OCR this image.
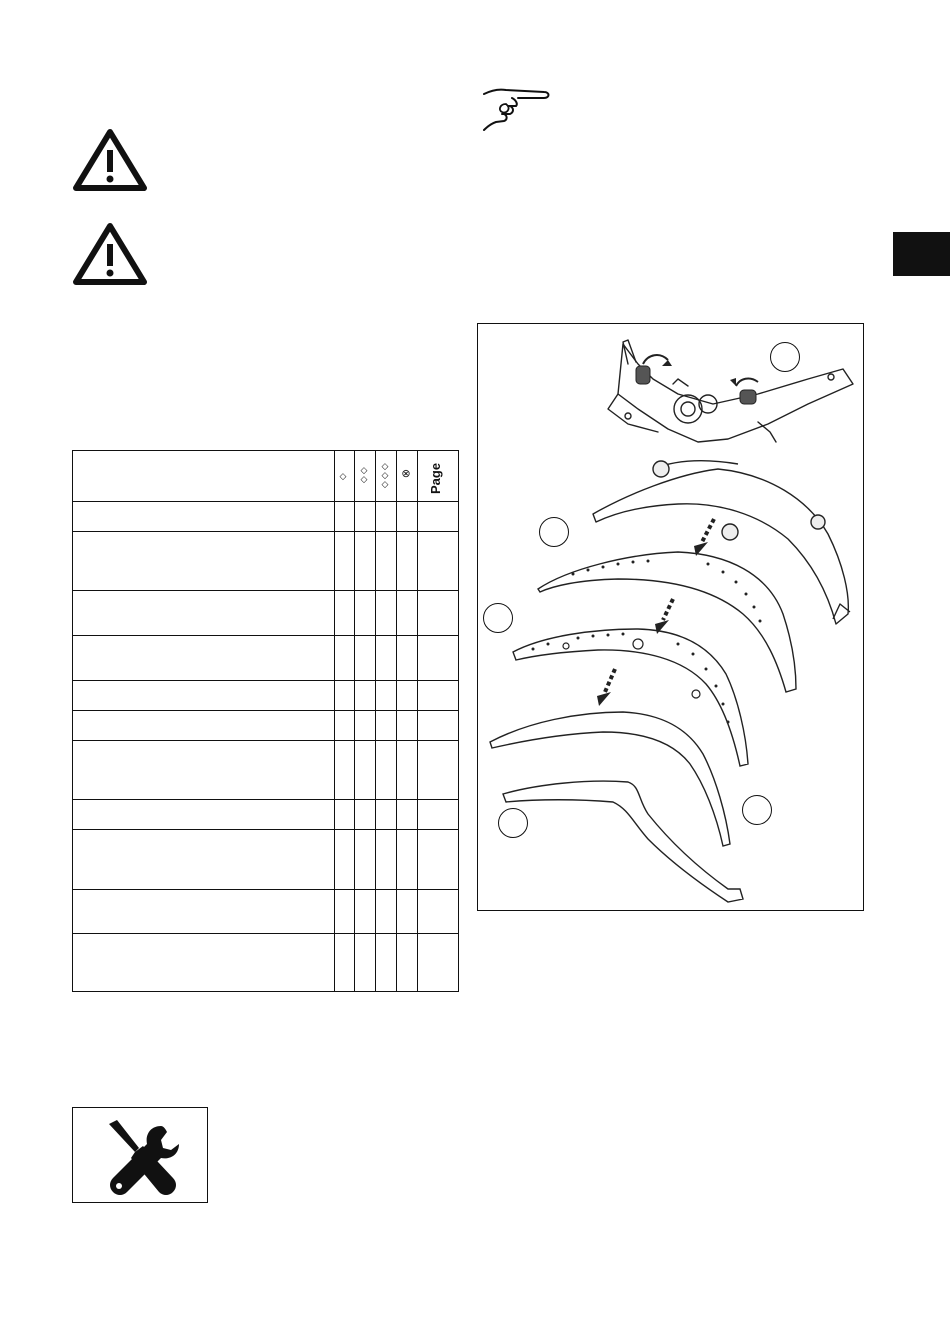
◇
◇ ◇
◇ ◇ ◇
⊗	Page
